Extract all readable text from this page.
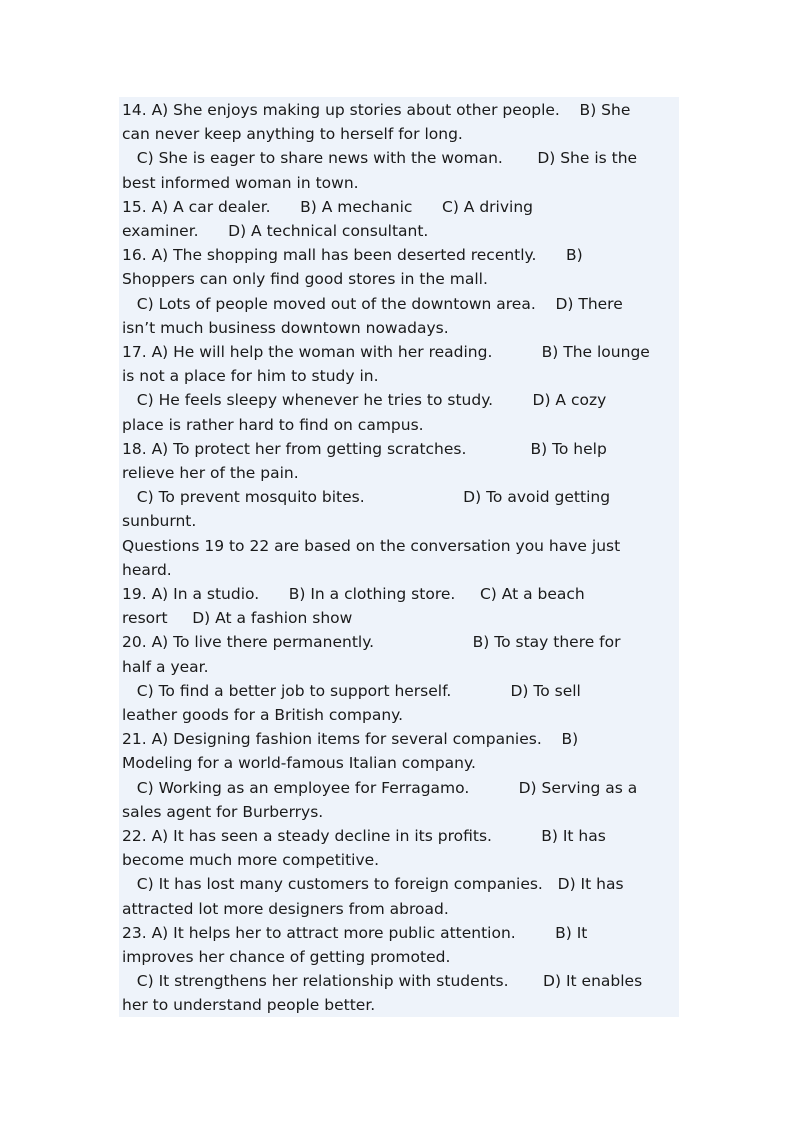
14. A) She enjoys making up stories about other people.    B) She
can never keep anything to herself for long.
C) She is eager to share news with the woman.       D) She is the
best informed woman in town.
15. A) A car dealer.      B) A mechanic      C) A driving
examiner.      D) A technical consultant.
16. A) The shopping mall has been deserted recently.      B)
Shoppers can only find good stores in the mall.
C) Lots of people moved out of the downtown area.    D) There
isn’t much business downtown nowadays.
17. A) He will help the woman with her reading.          B) The lounge
is not a place for him to study in.
C) He feels sleepy whenever he tries to study.        D) A cozy
place is rather hard to find on campus.
18. A) To protect her from getting scratches.             B) To help
relieve her of the pain.
C) To prevent mosquito bites.                    D) To avoid getting
sunburnt.
Questions 19 to 22 are based on the conversation you have just
heard.
19. A) In a studio.      B) In a clothing store.     C) At a beach
resort     D) At a fashion show
20. A) To live there permanently.                    B) To stay there for
half a year.
C) To find a better job to support herself.            D) To sell
leather goods for a British company.
21. A) Designing fashion items for several companies.    B)
Modeling for a world-famous Italian company.
C) Working as an employee for Ferragamo.          D) Serving as a
sales agent for Burberrys.
22. A) It has seen a steady decline in its profits.          B) It has
become much more competitive.
C) It has lost many customers to foreign companies.   D) It has
attracted lot more designers from abroad.
23. A) It helps her to attract more public attention.        B) It
improves her chance of getting promoted.
C) It strengthens her relationship with students.       D) It enables
her to understand people better.
